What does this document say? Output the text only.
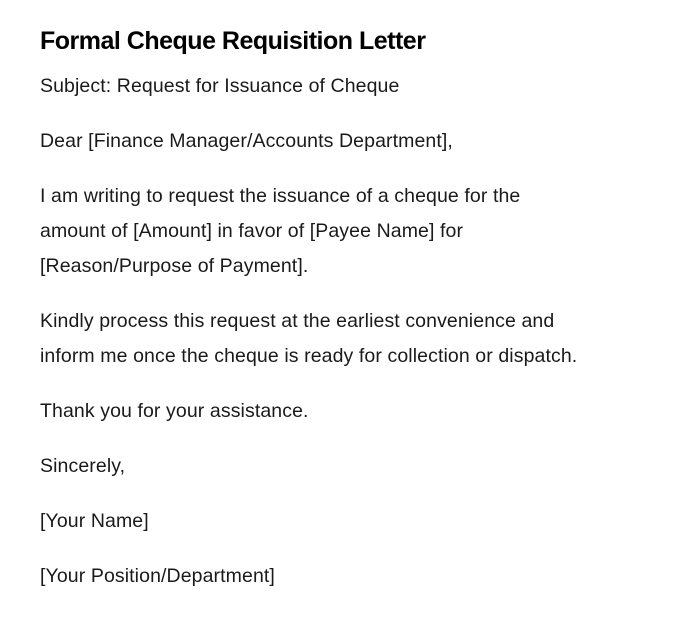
Formal Cheque Requisition Letter

Subject: Request for Issuance of Cheque

Dear [Finance Manager/Accounts Department],

I am writing to request the issuance of a cheque for the

amount of [Amount] in favor of [Payee Name] for

[Reason/Purpose of Payment].

Kindly process this request at the earliest convenience and

inform me once the cheque is ready for collection or dispatch.

Thank you for your assistance.

Sincerely,

[Your Name]

[Your Position/Department]
